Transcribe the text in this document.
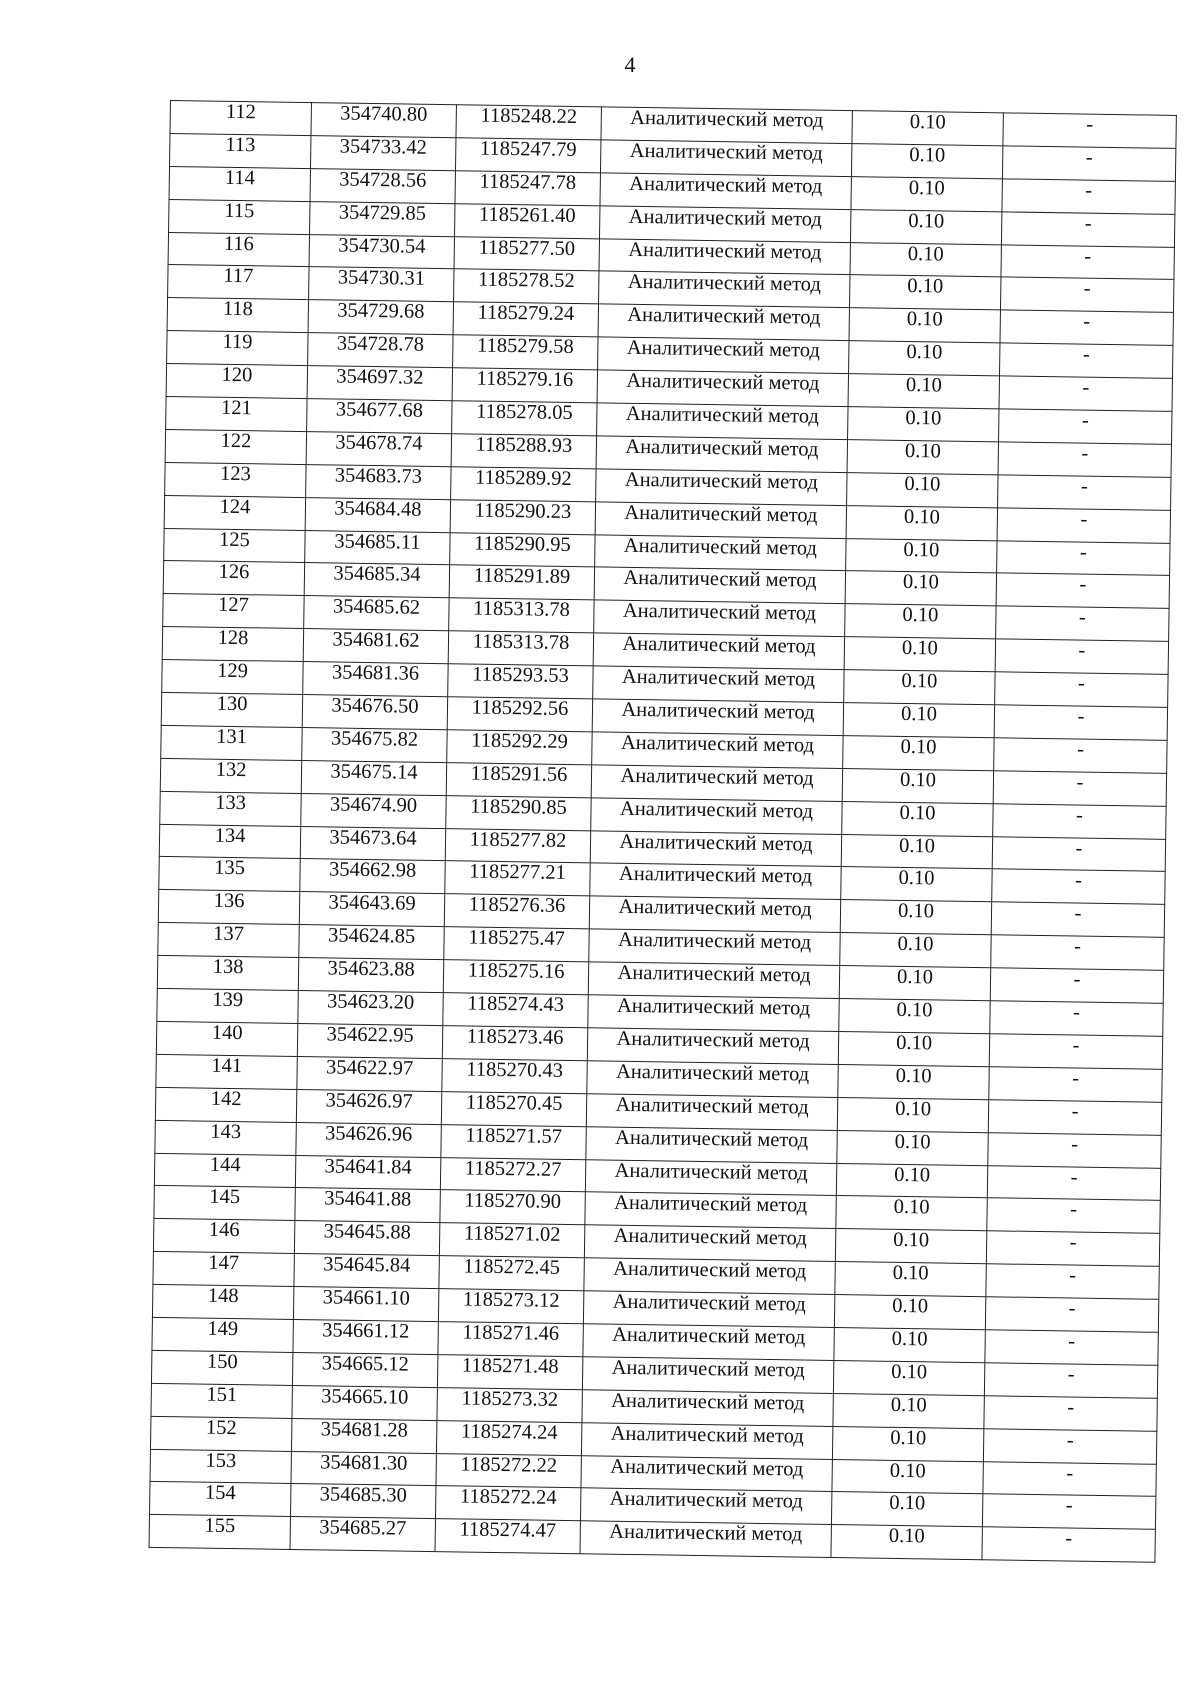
4
112	354740.80	1185248.22	Аналитический метод	0.10	-
113	354733.42	1185247.79	Аналитический метод	0.10	-
114	354728.56	1185247.78	Аналитический метод	0.10	-
115	354729.85	1185261.40	Аналитический метод	0.10	-
116	354730.54	1185277.50	Аналитический метод	0.10	-
117	354730.31	1185278.52	Аналитический метод	0.10	-
118	354729.68	1185279.24	Аналитический метод	0.10	-
119	354728.78	1185279.58	Аналитический метод	0.10	-
120	354697.32	1185279.16	Аналитический метод	0.10	-
121	354677.68	1185278.05	Аналитический метод	0.10	-
122	354678.74	1185288.93	Аналитический метод	0.10	-
123	354683.73	1185289.92	Аналитический метод	0.10	-
124	354684.48	1185290.23	Аналитический метод	0.10	-
125	354685.11	1185290.95	Аналитический метод	0.10	-
126	354685.34	1185291.89	Аналитический метод	0.10	-
127	354685.62	1185313.78	Аналитический метод	0.10	-
128	354681.62	1185313.78	Аналитический метод	0.10	-
129	354681.36	1185293.53	Аналитический метод	0.10	-
130	354676.50	1185292.56	Аналитический метод	0.10	-
131	354675.82	1185292.29	Аналитический метод	0.10	-
132	354675.14	1185291.56	Аналитический метод	0.10	-
133	354674.90	1185290.85	Аналитический метод	0.10	-
134	354673.64	1185277.82	Аналитический метод	0.10	-
135	354662.98	1185277.21	Аналитический метод	0.10	-
136	354643.69	1185276.36	Аналитический метод	0.10	-
137	354624.85	1185275.47	Аналитический метод	0.10	-
138	354623.88	1185275.16	Аналитический метод	0.10	-
139	354623.20	1185274.43	Аналитический метод	0.10	-
140	354622.95	1185273.46	Аналитический метод	0.10	-
141	354622.97	1185270.43	Аналитический метод	0.10	-
142	354626.97	1185270.45	Аналитический метод	0.10	-
143	354626.96	1185271.57	Аналитический метод	0.10	-
144	354641.84	1185272.27	Аналитический метод	0.10	-
145	354641.88	1185270.90	Аналитический метод	0.10	-
146	354645.88	1185271.02	Аналитический метод	0.10	-
147	354645.84	1185272.45	Аналитический метод	0.10	-
148	354661.10	1185273.12	Аналитический метод	0.10	-
149	354661.12	1185271.46	Аналитический метод	0.10	-
150	354665.12	1185271.48	Аналитический метод	0.10	-
151	354665.10	1185273.32	Аналитический метод	0.10	-
152	354681.28	1185274.24	Аналитический метод	0.10	-
153	354681.30	1185272.22	Аналитический метод	0.10	-
154	354685.30	1185272.24	Аналитический метод	0.10	-
155	354685.27	1185274.47	Аналитический метод	0.10	-
